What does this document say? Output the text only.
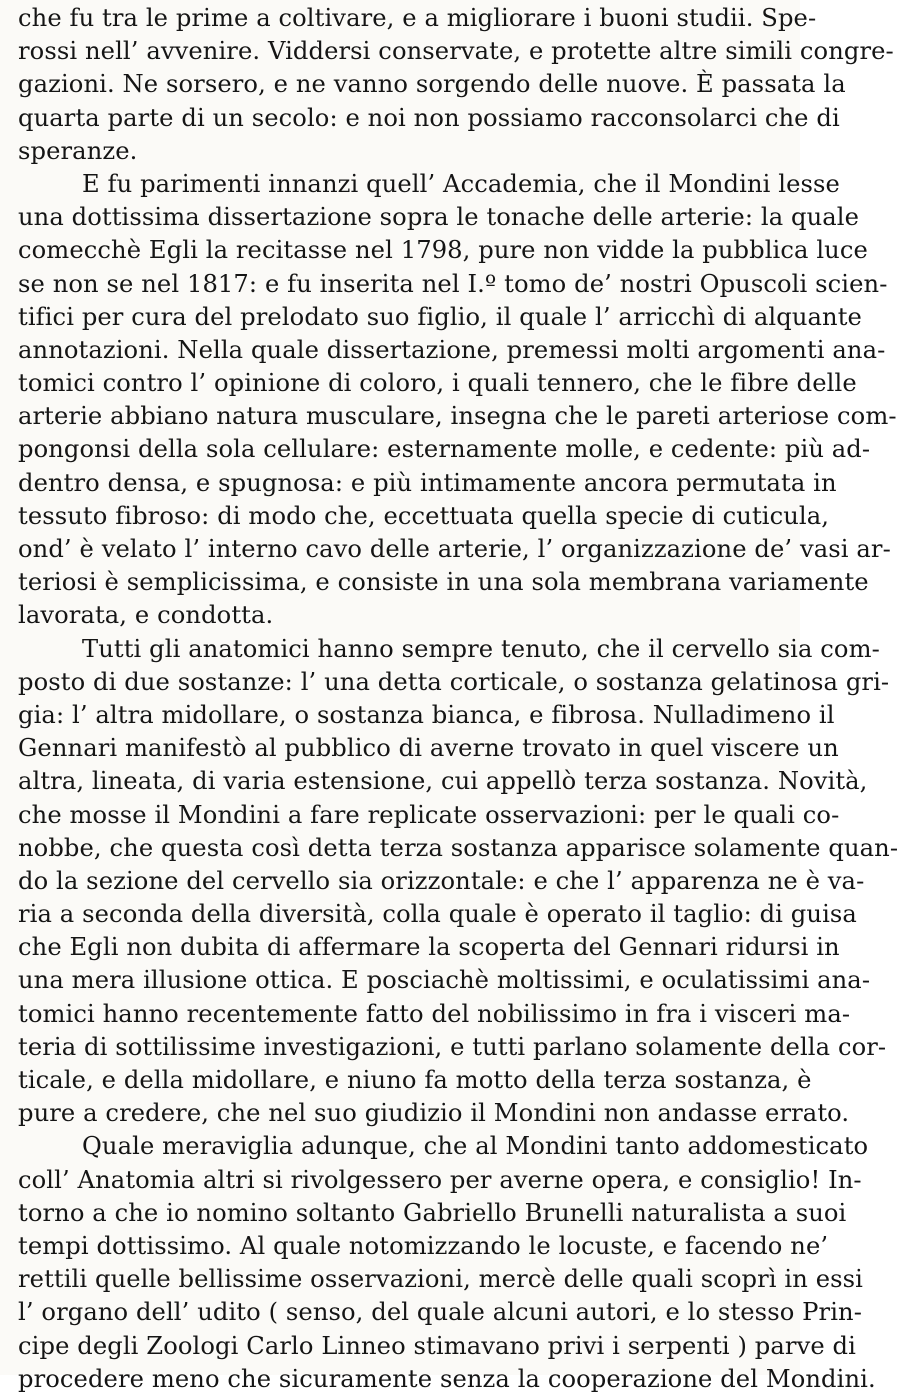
che fu tra le prime a coltivare, e a migliorare i buoni studii. Spe-
rossi nell’ avvenire. Viddersi conservate, e protette altre simili congre-
gazioni. Ne sorsero, e ne vanno sorgendo delle nuove. È passata la
quarta parte di un secolo: e noi non possiamo racconsolarci che di
speranze.
E fu parimenti innanzi quell’ Accademia, che il Mondini lesse
una dottissima dissertazione sopra le tonache delle arterie: la quale
comecchè Egli la recitasse nel 1798, pure non vidde la pubblica luce
se non se nel 1817: e fu inserita nel I.º tomo de’ nostri Opuscoli scien-
tifici per cura del prelodato suo figlio, il quale l’ arricchì di alquante
annotazioni. Nella quale dissertazione, premessi molti argomenti ana-
tomici contro l’ opinione di coloro, i quali tennero, che le fibre delle
arterie abbiano natura musculare, insegna che le pareti arteriose com-
pongonsi della sola cellulare: esternamente molle, e cedente: più ad-
dentro densa, e spugnosa: e più intimamente ancora permutata in
tessuto fibroso: di modo che, eccettuata quella specie di cuticula,
ond’ è velato l’ interno cavo delle arterie, l’ organizzazione de’ vasi ar-
teriosi è semplicissima, e consiste in una sola membrana variamente
lavorata, e condotta.
Tutti gli anatomici hanno sempre tenuto, che il cervello sia com-
posto di due sostanze: l’ una detta corticale, o sostanza gelatinosa gri-
gia: l’ altra midollare, o sostanza bianca, e fibrosa. Nulladimeno il
Gennari manifestò al pubblico di averne trovato in quel viscere un
altra, lineata, di varia estensione, cui appellò terza sostanza. Novità,
che mosse il Mondini a fare replicate osservazioni: per le quali co-
nobbe, che questa così detta terza sostanza apparisce solamente quan-
do la sezione del cervello sia orizzontale: e che l’ apparenza ne è va-
ria a seconda della diversità, colla quale è operato il taglio: di guisa
che Egli non dubita di affermare la scoperta del Gennari ridursi in
una mera illusione ottica. E posciachè moltissimi, e oculatissimi ana-
tomici hanno recentemente fatto del nobilissimo in fra i visceri ma-
teria di sottilissime investigazioni, e tutti parlano solamente della cor-
ticale, e della midollare, e niuno fa motto della terza sostanza, è
pure a credere, che nel suo giudizio il Mondini non andasse errato.
Quale meraviglia adunque, che al Mondini tanto addomesticato
coll’ Anatomia altri si rivolgessero per averne opera, e consiglio! In-
torno a che io nomino soltanto Gabriello Brunelli naturalista a suoi
tempi dottissimo. Al quale notomizzando le locuste, e facendo ne’
rettili quelle bellissime osservazioni, mercè delle quali scoprì in essi
l’ organo dell’ udito ( senso, del quale alcuni autori, e lo stesso Prin-
cipe degli Zoologi Carlo Linneo stimavano privi i serpenti ) parve di
procedere meno che sicuramente senza la cooperazione del Mondini.
